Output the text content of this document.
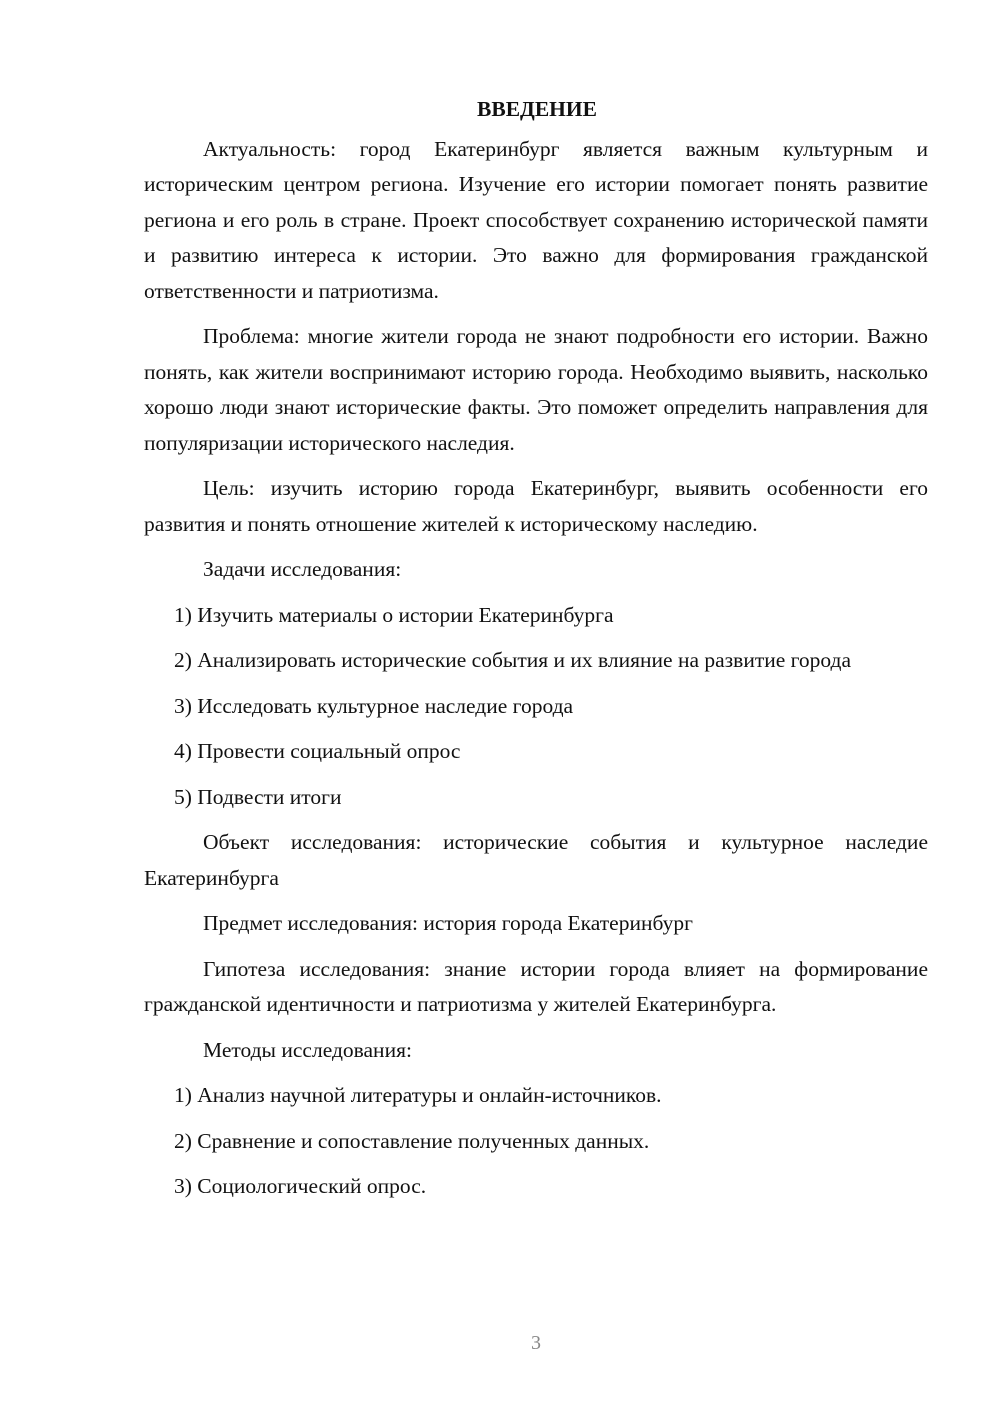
ВВЕДЕНИЕ

Актуальность: город Екатеринбург является важным культурным и историческим центром региона. Изучение его истории помогает понять развитие региона и его роль в стране. Проект способствует сохранению исторической памяти и развитию интереса к истории. Это важно для формирования гражданской ответственности и патриотизма.

Проблема: многие жители города не знают подробности его истории. Важно понять, как жители воспринимают историю города. Необходимо выявить, насколько хорошо люди знают исторические факты. Это поможет определить направления для популяризации исторического наследия.

Цель: изучить историю города Екатеринбург, выявить особенности его развития и понять отношение жителей к историческому наследию.

Задачи исследования:

1) Изучить материалы о истории Екатеринбурга

2) Анализировать исторические события и их влияние на развитие города

3) Исследовать культурное наследие города

4) Провести социальный опрос

5) Подвести итоги

Объект исследования: исторические события и культурное наследие Екатеринбурга

Предмет исследования: история города Екатеринбург

Гипотеза исследования: знание истории города влияет на формирование гражданской идентичности и патриотизма у жителей Екатеринбурга.

Методы исследования:

1) Анализ научной литературы и онлайн-источников.

2) Сравнение и сопоставление полученных данных.

3) Социологический опрос.

3
